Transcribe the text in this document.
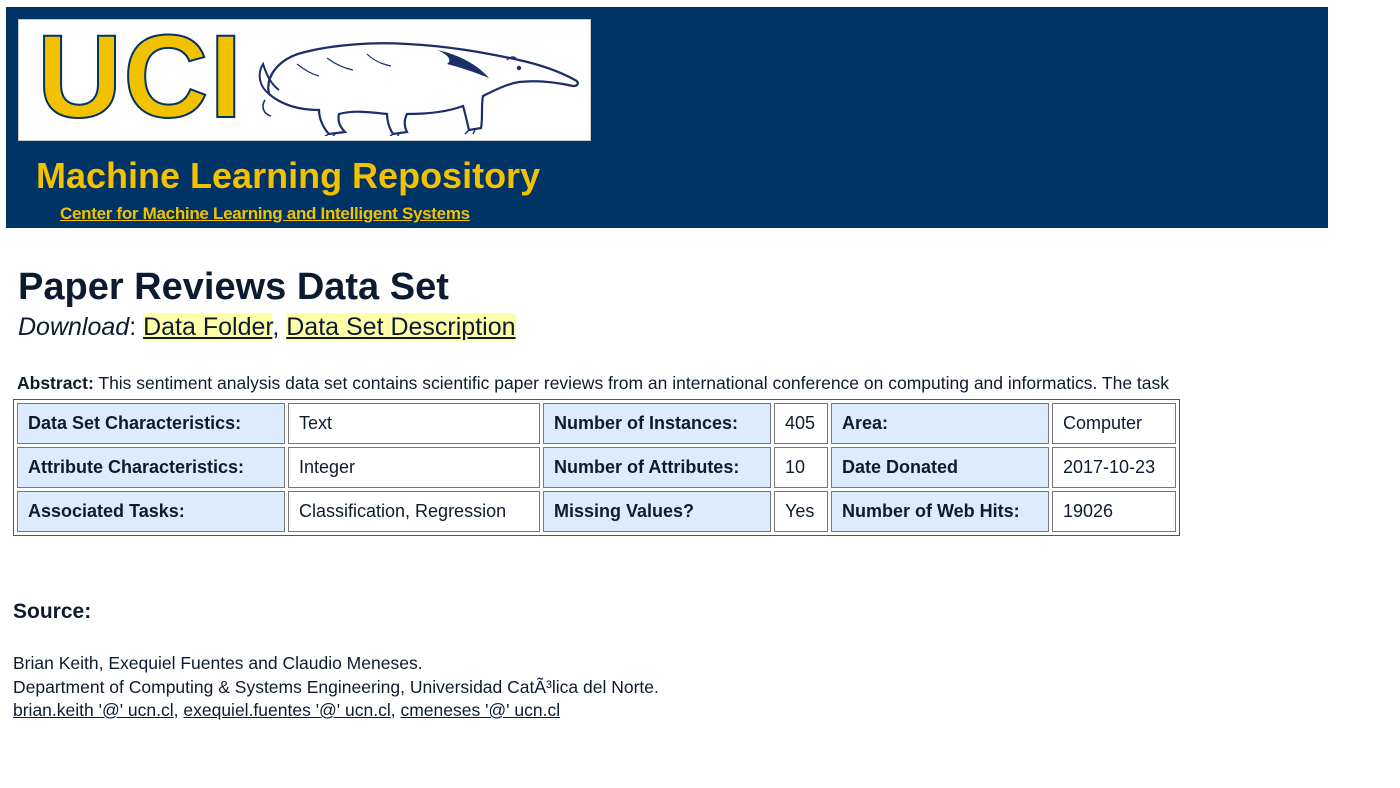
UCI
Machine Learning Repository
Center for Machine Learning and Intelligent Systems
Paper Reviews Data Set
Download: Data Folder, Data Set Description
Abstract: This sentiment analysis data set contains scientific paper reviews from an international conference on computing and informatics. The task
Data Set Characteristics:	Text	Number of Instances:	405	Area:	Computer
Attribute Characteristics:	Integer	Number of Attributes:	10	Date Donated	2017-10-23
Associated Tasks:	Classification, Regression	Missing Values?	Yes	Number of Web Hits:	19026
Source:
Brian Keith, Exequiel Fuentes and Claudio Meneses.
Department of Computing & Systems Engineering, Universidad CatÃ³lica del Norte.
brian.keith '@' ucn.cl, exequiel.fuentes '@' ucn.cl, cmeneses '@' ucn.cl
